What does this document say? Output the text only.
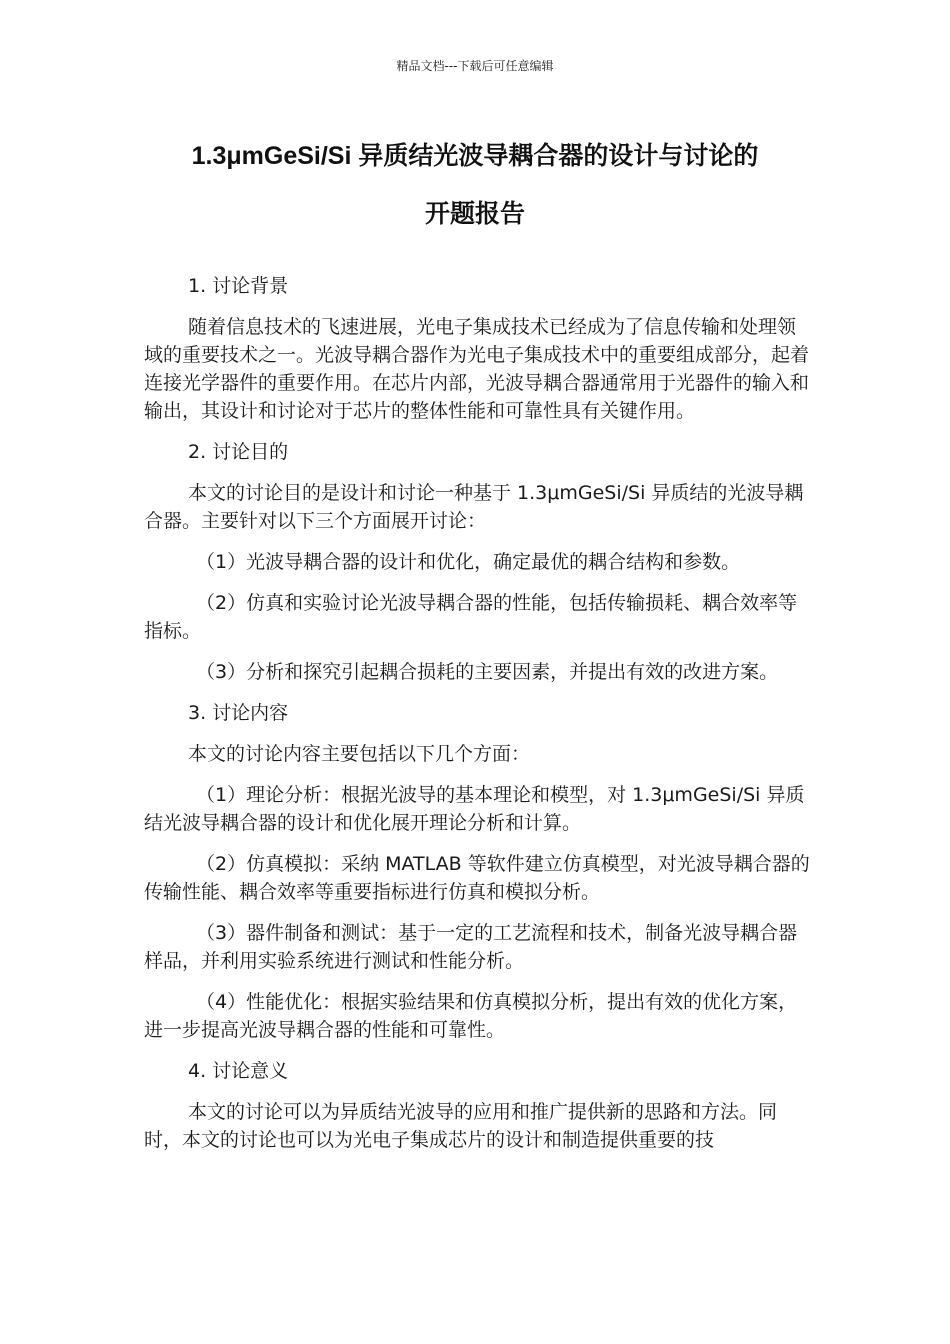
精品文档---下载后可任意编辑
1.3μmGeSi/Si 异质结光波导耦合器的设计与讨论的
开题报告

1. 讨论背景

随着信息技术的飞速进展，光电子集成技术已经成为了信息传输和处理领域的重要技术之一。光波导耦合器作为光电子集成技术中的重要组成部分，起着连接光学器件的重要作用。在芯片内部，光波导耦合器通常用于光器件的输入和输出，其设计和讨论对于芯片的整体性能和可靠性具有关键作用。

2. 讨论目的

本文的讨论目的是设计和讨论一种基于 1.3μmGeSi/Si 异质结的光波导耦合器。主要针对以下三个方面展开讨论：

（1）光波导耦合器的设计和优化，确定最优的耦合结构和参数。

（2）仿真和实验讨论光波导耦合器的性能，包括传输损耗、耦合效率等指标。

（3）分析和探究引起耦合损耗的主要因素，并提出有效的改进方案。

3. 讨论内容

本文的讨论内容主要包括以下几个方面：

（1）理论分析：根据光波导的基本理论和模型，对 1.3μmGeSi/Si 异质结光波导耦合器的设计和优化展开理论分析和计算。

（2）仿真模拟：采纳 MATLAB 等软件建立仿真模型，对光波导耦合器的传输性能、耦合效率等重要指标进行仿真和模拟分析。

（3）器件制备和测试：基于一定的工艺流程和技术，制备光波导耦合器样品，并利用实验系统进行测试和性能分析。

（4）性能优化：根据实验结果和仿真模拟分析，提出有效的优化方案，进一步提高光波导耦合器的性能和可靠性。

4. 讨论意义

本文的讨论可以为异质结光波导的应用和推广提供新的思路和方法。同时，本文的讨论也可以为光电子集成芯片的设计和制造提供重要的技
